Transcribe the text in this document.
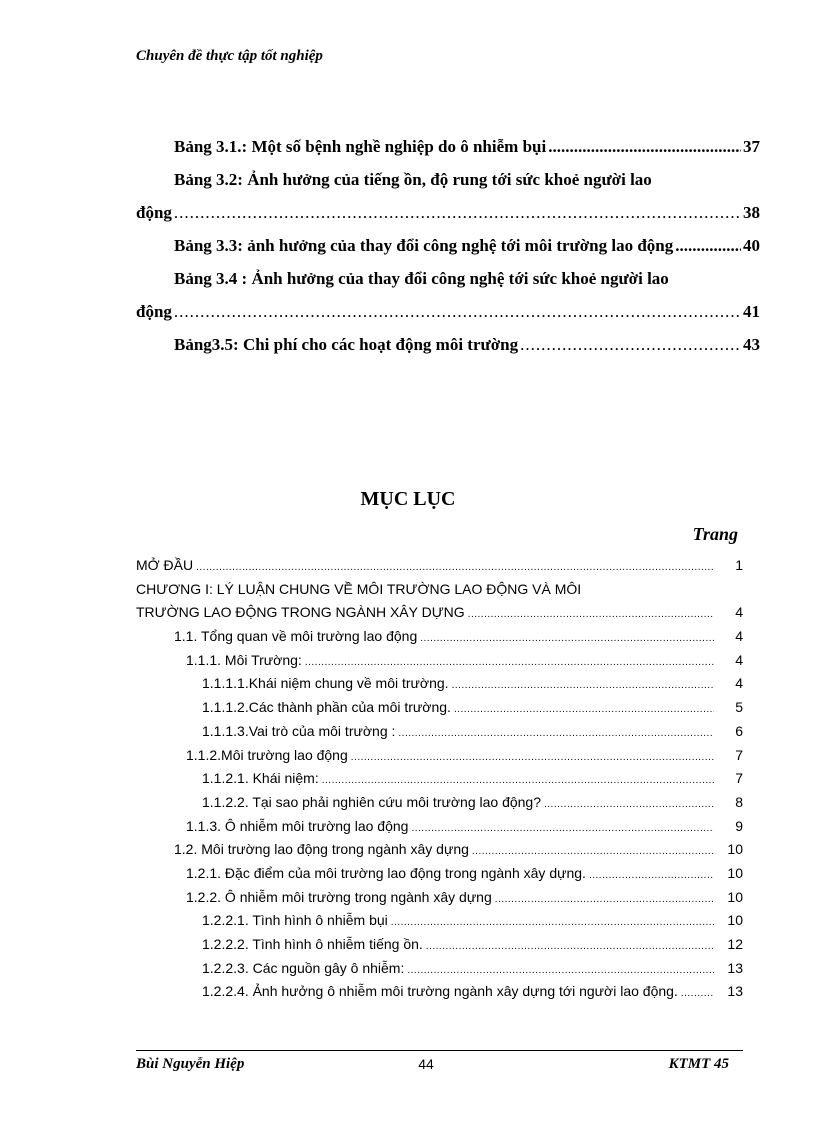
Chuyên đề thực tập tốt nghiệp
Bảng 3.1.: Một số bệnh nghề nghiệp do ô nhiễm bụi .....	37
Bảng 3.2: Ảnh hưởng của tiếng ồn, độ rung tới sức khoẻ người lao
động .....	38
Bảng 3.3: ảnh hưởng của thay đổi công nghệ tới môi trường lao động .....	40
Bảng 3.4 : Ảnh hưởng của thay đổi công nghệ tới sức khoẻ người lao
động .....	41
Bảng3.5: Chi phí cho các hoạt động môi trường .....	43
MỤC LỤC
Trang
MỞ ĐẦU .....	1
CHƯƠNG I: LÝ LUẬN CHUNG VỀ MÔI TRƯỜNG LAO ĐỘNG VÀ MÔI
TRƯỜNG LAO ĐỘNG TRONG NGÀNH XÂY DỰNG .....	4
1.1. Tổng quan về môi trường lao động .....	4
1.1.1. Môi Trường: .....	4
1.1.1.1.Khái niệm chung về môi trường. .....	4
1.1.1.2.Các thành phần của môi trường. .....	5
1.1.1.3.Vai trò của môi trường : .....	6
1.1.2.Môi trường lao động .....	7
1.1.2.1. Khái niệm: .....	7
1.1.2.2. Tại sao phải nghiên cứu môi trường lao động? .....	8
1.1.3. Ô nhiễm môi trường lao động .....	9
1.2. Môi trường lao động trong ngành xây dựng .....	10
1.2.1. Đặc điểm của môi trường lao động trong ngành xây dựng. .....	10
1.2.2. Ô nhiễm môi trường trong ngành xây dựng .....	10
1.2.2.1. Tình hình ô nhiễm bụi .....	10
1.2.2.2. Tình hình ô nhiễm tiếng ồn. .....	12
1.2.2.3. Các nguồn gây ô nhiễm: .....	13
1.2.2.4. Ảnh hưởng ô nhiễm môi trường ngành xây dựng tới người lao động. .....	13
Bùi Nguyễn Hiệp	44	KTMT 45
